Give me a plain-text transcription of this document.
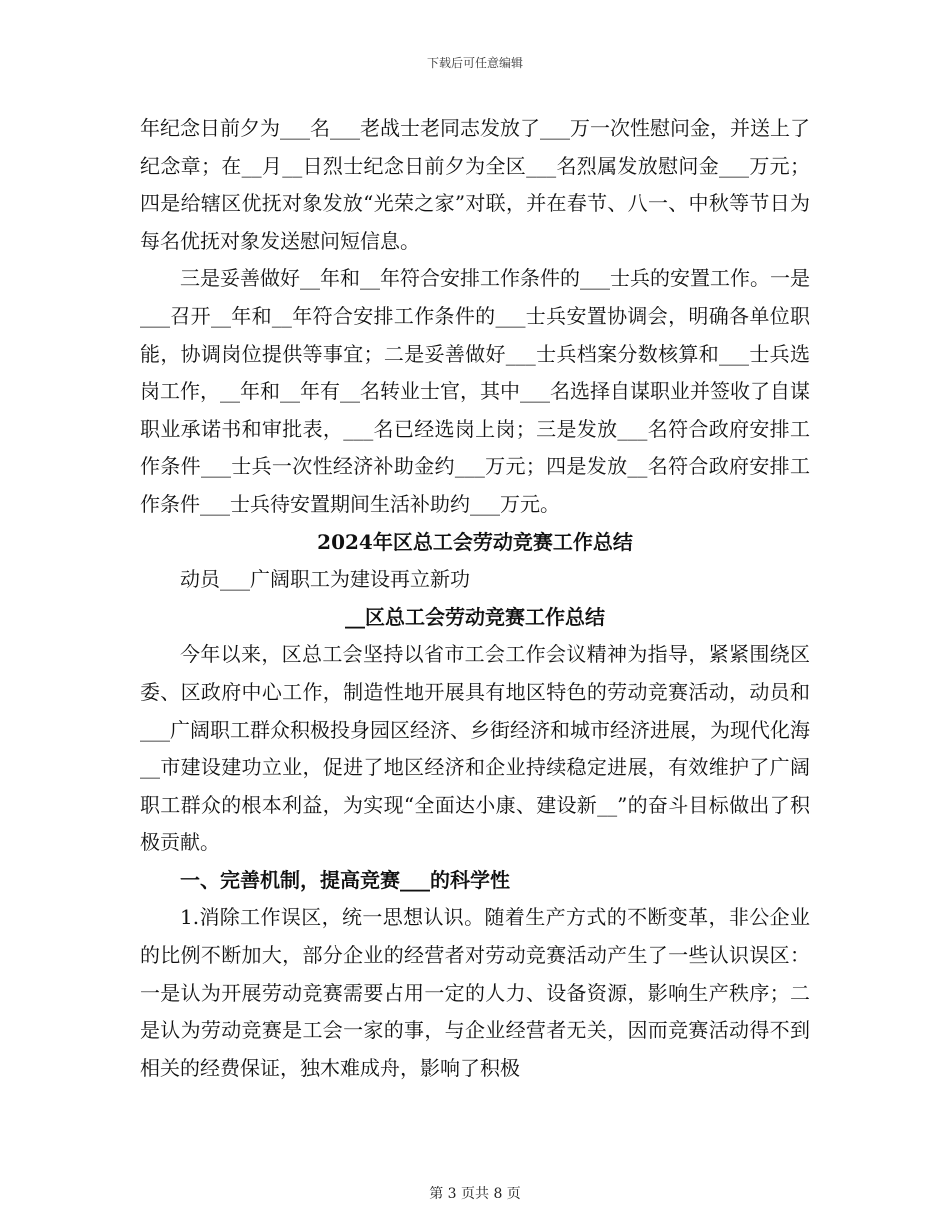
下载后可任意编辑

年纪念日前夕为___名___老战士老同志发放了___万一次性慰问金，并送上了纪念章；在__月__日烈士纪念日前夕为全区___名烈属发放慰问金___万元；四是给辖区优抚对象发放“光荣之家”对联，并在春节、八一、中秋等节日为每名优抚对象发送慰问短信息。

三是妥善做好__年和__年符合安排工作条件的___士兵的安置工作。一是___召开__年和__年符合安排工作条件的___士兵安置协调会，明确各单位职能，协调岗位提供等事宜；二是妥善做好___士兵档案分数核算和___士兵选岗工作，__年和__年有__名转业士官，其中___名选择自谋职业并签收了自谋职业承诺书和审批表，___名已经选岗上岗；三是发放___名符合政府安排工作条件___士兵一次性经济补助金约___万元；四是发放__名符合政府安排工作条件___士兵待安置期间生活补助约___万元。

2024年区总工会劳动竞赛工作总结

动员___广阔职工为建设再立新功

__区总工会劳动竞赛工作总结

今年以来，区总工会坚持以省市工会工作会议精神为指导，紧紧围绕区委、区政府中心工作，制造性地开展具有地区特色的劳动竞赛活动，动员和___广阔职工群众积极投身园区经济、乡街经济和城市经济进展，为现代化海__市建设建功立业，促进了地区经济和企业持续稳定进展，有效维护了广阔职工群众的根本利益，为实现“全面达小康、建设新__”的奋斗目标做出了积极贡献。

一、完善机制，提高竞赛___的科学性

1.消除工作误区，统一思想认识。随着生产方式的不断变革，非公企业的比例不断加大，部分企业的经营者对劳动竞赛活动产生了一些认识误区：一是认为开展劳动竞赛需要占用一定的人力、设备资源，影响生产秩序；二是认为劳动竞赛是工会一家的事，与企业经营者无关，因而竞赛活动得不到相关的经费保证，独木难成舟，影响了积极

第 3 页共 8 页
